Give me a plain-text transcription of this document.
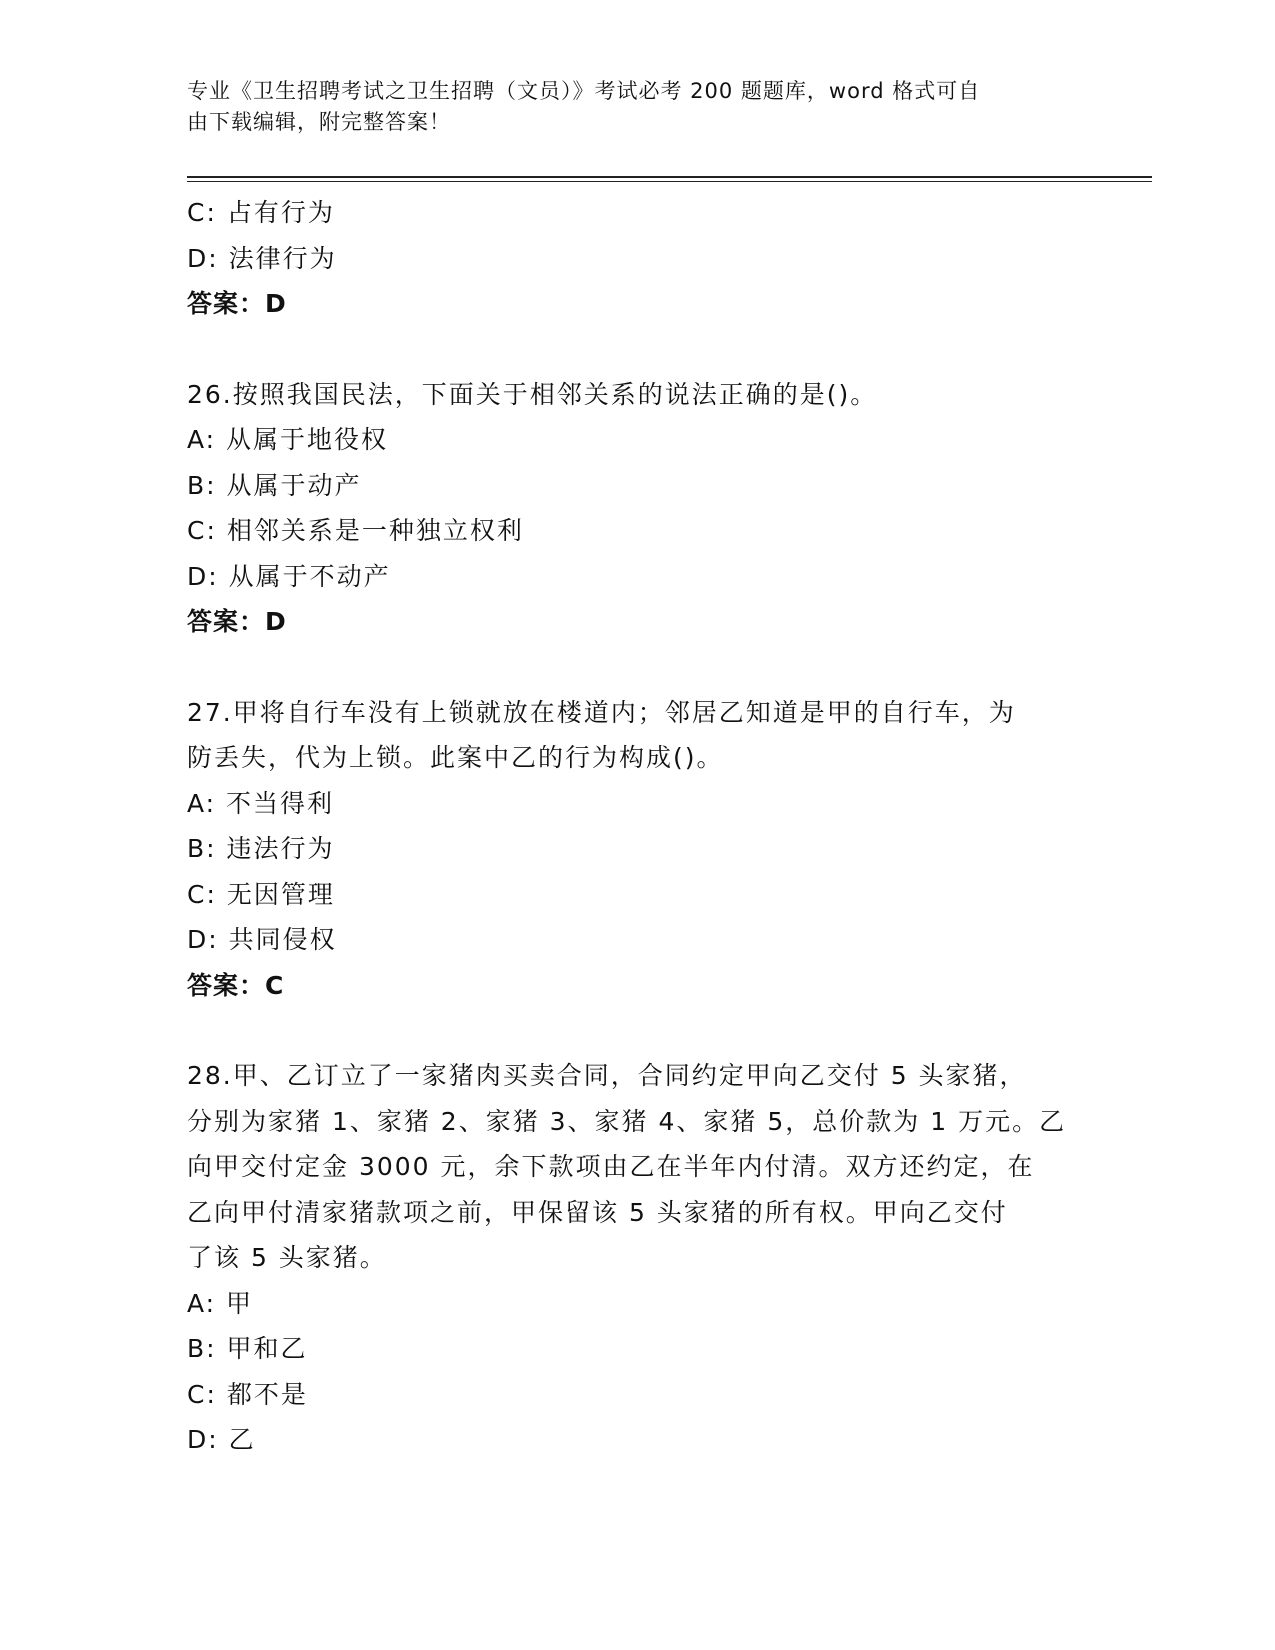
专业《卫生招聘考试之卫生招聘（文员）》考试必考 200 题题库，word 格式可自
由下载编辑，附完整答案！
C: 占有行为
D: 法律行为
答案：D
26.按照我国民法，下面关于相邻关系的说法正确的是()。
A: 从属于地役权
B: 从属于动产
C: 相邻关系是一种独立权利
D: 从属于不动产
答案：D
27.甲将自行车没有上锁就放在楼道内；邻居乙知道是甲的自行车，为
防丢失，代为上锁。此案中乙的行为构成()。
A: 不当得利
B: 违法行为
C: 无因管理
D: 共同侵权
答案：C
28.甲、乙订立了一家猪肉买卖合同，合同约定甲向乙交付 5 头家猪，
分别为家猪 1、家猪 2、家猪 3、家猪 4、家猪 5，总价款为 1 万元。乙
向甲交付定金 3000 元，余下款项由乙在半年内付清。双方还约定，在
乙向甲付清家猪款项之前，甲保留该 5 头家猪的所有权。甲向乙交付
了该 5 头家猪。
A: 甲
B: 甲和乙
C: 都不是
D: 乙
